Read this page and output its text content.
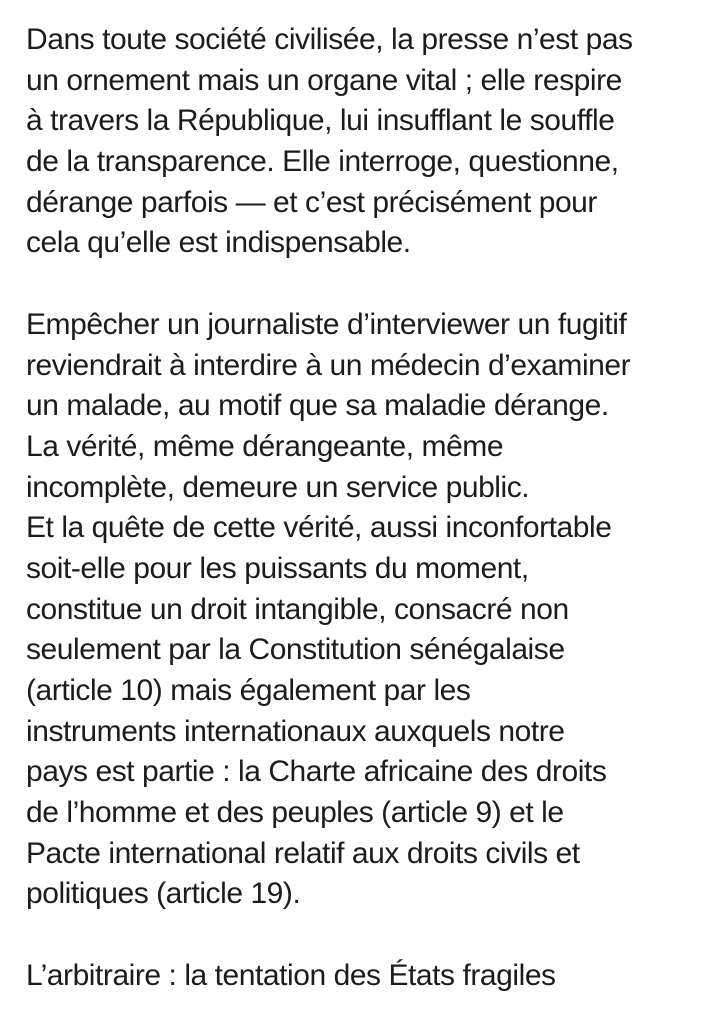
Dans toute société civilisée, la presse n’est pas
un ornement mais un organe vital ; elle respire
à travers la République, lui insufflant le souffle
de la transparence. Elle interroge, questionne,
dérange parfois — et c’est précisément pour
cela qu’elle est indispensable.
Empêcher un journaliste d’interviewer un fugitif
reviendrait à interdire à un médecin d’examiner
un malade, au motif que sa maladie dérange.
La vérité, même dérangeante, même
incomplète, demeure un service public.
Et la quête de cette vérité, aussi inconfortable
soit-elle pour les puissants du moment,
constitue un droit intangible, consacré non
seulement par la Constitution sénégalaise
(article 10) mais également par les
instruments internationaux auxquels notre
pays est partie : la Charte africaine des droits
de l’homme et des peuples (article 9) et le
Pacte international relatif aux droits civils et
politiques (article 19).
L’arbitraire : la tentation des États fragiles
